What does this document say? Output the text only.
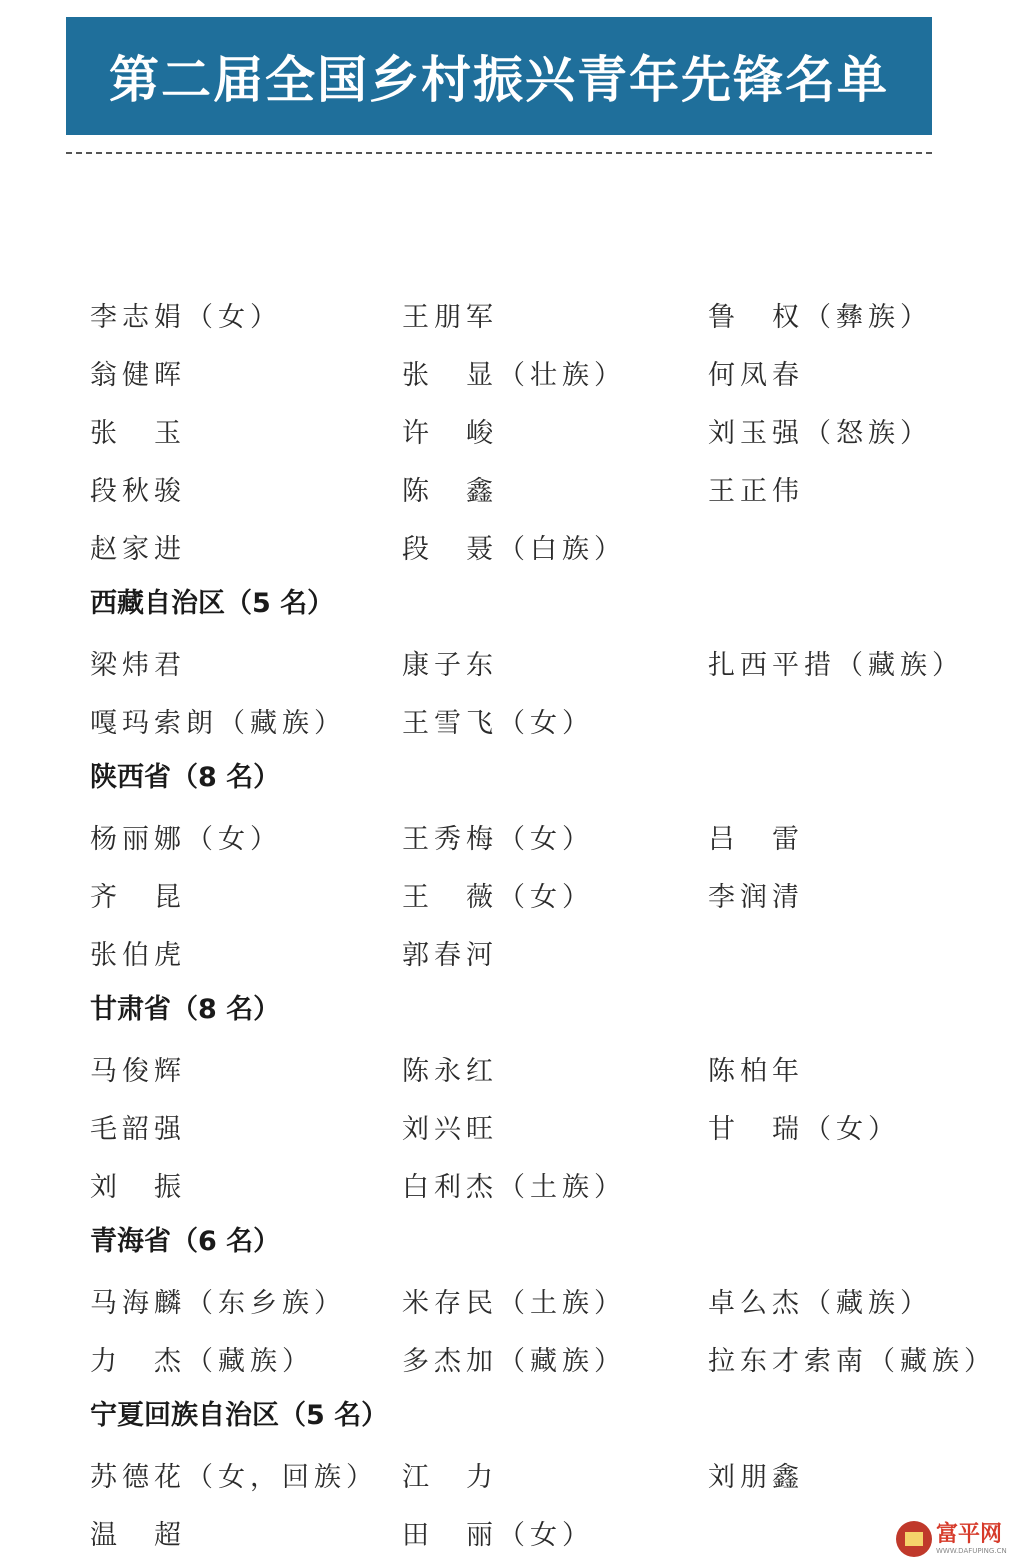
第二届全国乡村振兴青年先锋名单
李志娟（女）	王朋军	鲁　权（彝族）
翁健晖	张　显（壮族）	何凤春
张　玉	许　峻	刘玉强（怒族）
段秋骏	陈　鑫	王正伟
赵家进	段　聂（白族）
西藏自治区（5 名）
梁炜君	康子东	扎西平措（藏族）
嘎玛索朗（藏族）	王雪飞（女）
陕西省（8 名）
杨丽娜（女）	王秀梅（女）	吕　雷
齐　昆	王　薇（女）	李润清
张伯虎	郭春河
甘肃省（8 名）
马俊辉	陈永红	陈柏年
毛韶强	刘兴旺	甘　瑞（女）
刘　振	白利杰（土族）
青海省（6 名）
马海麟（东乡族）	米存民（土族）	卓么杰（藏族）
力　杰（藏族）	多杰加（藏族）	拉东才索南（藏族）
宁夏回族自治区（5 名）
苏德花（女，回族） 江　力	刘朋鑫
温　超	田　丽（女）	富平网
WWW.DAFUPING.CN
